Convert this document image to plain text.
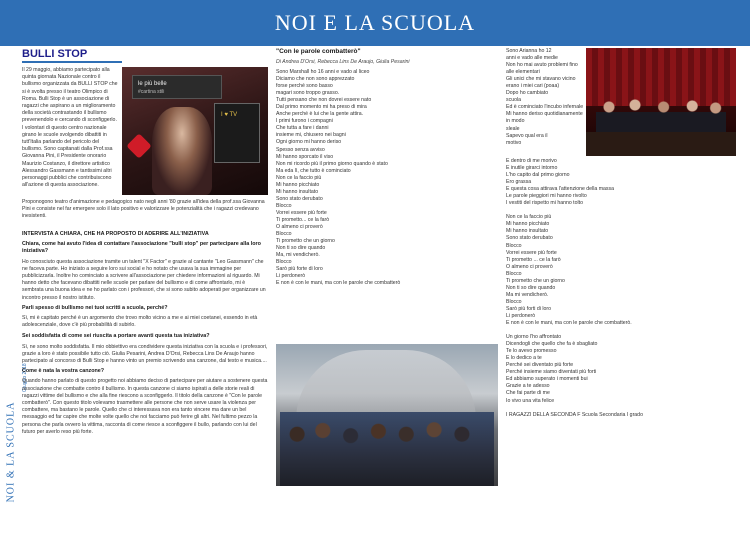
NOI E LA SCUOLA
NOI & LA SCUOLA
Giugno 2018
BULLI STOP
Il 29 maggio, abbiamo partecipato alla quinta giornata Nazionale contro il bullismo organizzata da BULLI STOP che si è svolta presso il teatro Olimpico di Roma. Bulli Stop è un associazione di ragazzi che aspirano a un miglioramento della società contrastando il bullismo prevenendolo e cercando di sconfiggerlo. I volontari di questo centro nazionale girano le scuole svolgendo dibattiti in tutt'Italia parlando del pericolo del bullismo. Sono capitanati dalla Prof.ssa Giovanna Pini, il Presidente onorario Maurizio Costanzo, il direttore artistico Alessandro Gassmann e tantissimi altri personaggi pubblici che contribuiscono all'azione di questa associazione.
le più belle
#cartina stili
I ♥ TV
Proponogono teatro d'animazione e pedagogico nato negli anni '80 grazie all'idea della prof.ssa Giovanna Pini e consiste nel far emergere solo il lato positivo e valorizzare le potenzialità che i ragazzi credevano inesistenti.
INTERVISTA A CHIARA, CHE HA PROPOSTO DI ADERIRE ALL'INIZIATIVA
Chiara, come hai avuto l'idea di contattare l'associazione "bulli stop" per partecipare alla loro iniziativa?
Ho conosciuto questa associazione tramite un talent "X Factor" e grazie al cantante "Leo Gassmann" che ne faceva parte. Ho iniziato a seguire loro sui social e ho notato che usava la sua immagine per pubblicizzarla. Inoltre ho cominciato a scrivere all'associazione per chiedere informazioni al riguardo. Mi hanno detto che facevano dibattiti nelle scuole per parlare del bullismo e di come affrontarlo, mi è sembrata una buona idea e ne ho parlato con i professori, che si sono subito adoperati per organizzare un incontro presso il nostro istituto.
Parli spesso di bullismo nei tuoi scritti a scuola, perché?
Sì, mi è capitato perché è un argomento che trovo molto vicino a me e ai miei coetanei, essendo in età adolescenziale, dove c'è più probabilità di subirlo.
Sei soddisfatta di come sei riuscita a portare avanti questa tua iniziativa?
Sì, ne sono molto soddisfatta. Il mio obbiettivo era condividere questa iniziativa con la scuola e i professori, grazie a loro è stato possibile tutto ciò. Giulia Pesarini, Andrea D'Orsi, Rebecca Lins De Araujo hanno partecipato al concorso di Bulli Stop e hanno vinto un premio scrivendo una canzone, dal testo e musica....
Come è nata la vostra canzone?
Quando hanno parlato di questo progetto noi abbiamo deciso di partecipare per aiutare a sostenere questa associazione che combatte contro il bullismo. In questa canzone ci siamo ispirati a delle storie reali di ragazzi vittime del bullismo e che alla fine riescono a sconfiggerlo. Il titolo della canzone è "Con le parole combatterò". Con questo titolo volevamo trasmettere alle persone che non serve usare la violenza per combattere, ma bastano le parole. Quello che ci interessava non era tanto vincere ma dare un bel messaggio ed far capire che molte volte quello che noi facciamo può ferire gli altri. Nel fultimo pezzo la persona che parla ovvero la vittima, racconta di come riesce a sconfiggere il bullo, parlando con lui del futuro per averlo reso più forte.
"Con le parole combatterò"
Di Andrea D'Orsi, Rebecca Lins De Araujo, Giulia Pesarini
Sono Marshall ho 16 anni e vado al liceo
Diciamo che non sono apprezzato
forse perché sono basso
magari sono troppo grasso.
Tutti pensano che non dovrei essere nato
Dal primo momento mi ha preso di mira
Anche perché è lui che la gente attira.
I primi furono i compagni
Che tutta a fare i danni
insieme mi, chiusero nei bagni
Ogni giorno mi hanno deriso
Spesso senza avviso
Mi hanno sporcato il viso
Non mi ricordo più il primo giorno quando è stato
Ma eda lì, che tutto è cominciato
Non ce la faccio più
Mi hanno picchiato
Mi hanno insultato
Sono stato derubato
Blocco
Vorrei essere più forte
Ti prometto... ce la farò
O almeno ci proverò
Blocco
Ti prometto che un giorno
Non ti so dire quando
Ma, mi vendicherò.
Blocco
Sarò più forte di loro
Li perdonerò
E non è con le mani, ma con le parole che combatterò
Sono Arianna ho 12
anni e vado alle medie
Non ho mai avuto problemi fino alle elementari
Gli unici che mi stavano vicino erano i miei cari (poaa)
Dopo ho cambiato
scuola
Ed è cominciato l'incubo infernale
Mi hanno deriso quotidianamente in modo
sleale
Sapevo qual era il
motivo
E dentro di me morivo
E inutile girarci intorno
L'ho capito dal primo giorno
Ero grassa
E questa cosa attirava l'attenzione della massa
Le parole pieggiori mi hanno rivolto
I vestiti del rispetto mi hanno tolto
Non ce la faccio più
Mi hanno picchiato
Mi hanno insultato
Sono stato derubato
Blocco
Vorrei essere più forte
Ti prometto ... ce la farò
O almeno ci proverò
Blocco
Ti prometto che un giorno
Non ti so dire quando
Ma mi vendicherò.
Blocco
Sarò più forti di loro
Li perdonerò
E non è con le mani, ma con le parole che combatterò.
Un giorno l'ho affrontato
Dicendogli che quello che fa è sbagliato
Te lo avevo promesso
E lo dedico a te
Perché sei diventato più forte
Perché insieme siamo diventati più forti
Ed abbiamo superato i momenti bui
Grazie a te adesso
Che fai parte di me
Io vivo una vita felice
I RAGAZZI DELLA SECONDA F Scuola Secondaria I grado
